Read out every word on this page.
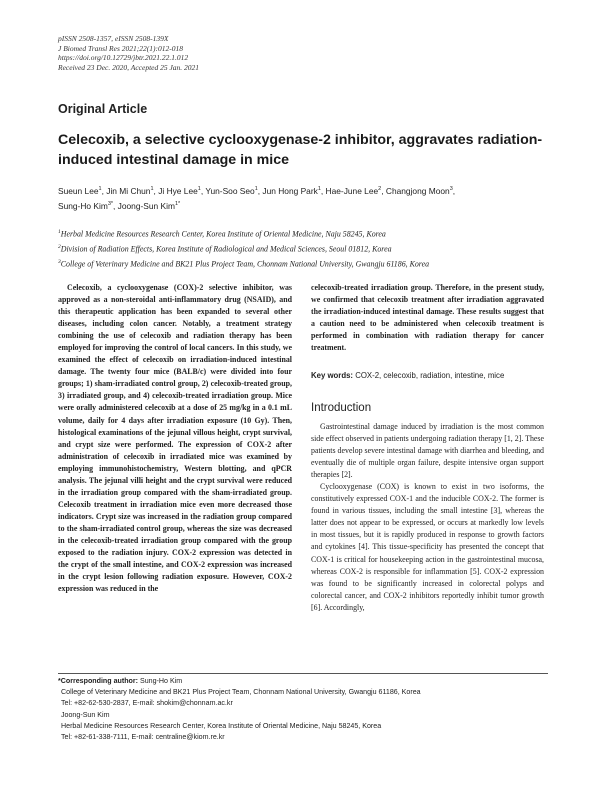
pISSN 2508-1357, eISSN 2508-139X
J Biomed Transl Res 2021;22(1):012-018
https://doi.org/10.12729/jbtr.2021.22.1.012
Received 23 Dec. 2020, Accepted 25 Jan. 2021
Original Article
Celecoxib, a selective cyclooxygenase-2 inhibitor, aggravates radiation-induced intestinal damage in mice
Sueun Lee$^1$, Jin Mi Chun$^1$, Ji Hye Lee$^1$, Yun-Soo Seo$^1$, Jun Hong Park$^1$, Hae-June Lee$^2$, Changjong Moon$^3$,
Sung-Ho Kim$^{3*}$, Joong-Sun Kim$^{1*}$
$^1$Herbal Medicine Resources Research Center, Korea Institute of Oriental Medicine, Naju 58245, Korea
$^2$Division of Radiation Effects, Korea Institute of Radiological and Medical Sciences, Seoul 01812, Korea
$^3$College of Veterinary Medicine and BK21 Plus Project Team, Chonnam National University, Gwangju 61186, Korea

Celecoxib, a cyclooxygenase (COX)-2 selective inhibitor, was approved as a non-steroidal anti-inflammatory drug (NSAID), and this therapeutic application has been expanded to several other diseases, including colon cancer. Notably, a treatment strategy combining the use of celecoxib and radiation therapy has been employed for improving the control of local cancers. In this study, we examined the effect of celecoxib on irradiation-induced intestinal damage. The twenty four mice (BALB/c) were divided into four groups; 1) sham-irradiated control group, 2) celecoxib-treated group, 3) irradiated group, and 4) celecoxib-treated irradiation group. Mice were orally administered celecoxib at a dose of 25 mg/kg in a 0.1 mL volume, daily for 4 days after irradiation exposure (10 Gy). Then, histological examinations of the jejunal villous height, crypt survival, and crypt size were performed. The expression of COX-2 after administration of celecoxib in irradiated mice was examined by employing immunohistochemistry, Western blotting, and qPCR analysis. The jejunal villi height and the crypt survival were reduced in the irradiation group compared with the sham-irradiated group. Celecoxib treatment in irradiation mice even more decreased those indicators. Crypt size was increased in the radiation group compared to the sham-irradiated control group, whereas the size was decreased in the celecoxib-treated irradiation group compared with the group exposed to the radiation injury. COX-2 expression was detected in the crypt of the small intestine, and COX-2 expression was increased in the crypt lesion following radiation exposure. However, COX-2 expression was reduced in the

celecoxib-treated irradiation group. Therefore, in the present study, we confirmed that celecoxib treatment after irradiation aggravated the irradiation-induced intestinal damage. These results suggest that a caution need to be administered when celecoxib treatment is performed in combination with radiation therapy for cancer treatment.
Key words: COX-2, celecoxib, radiation, intestine, mice
Introduction

Gastrointestinal damage induced by irradiation is the most common side effect observed in patients undergoing radiation therapy [1, 2]. These patients develop severe intestinal damage with diarrhea and bleeding, and eventually die of multiple organ failure, despite intensive organ support therapies [2].

Cyclooxygenase (COX) is known to exist in two isoforms, the constitutively expressed COX-1 and the inducible COX-2. The former is found in various tissues, including the small intestine [3], whereas the latter does not appear to be expressed, or occurs at markedly low levels in most tissues, but it is rapidly produced in response to growth factors and cytokines [4]. This tissue-specificity has presented the concept that COX-1 is critical for housekeeping action in the gastrointestinal mucosa, whereas COX-2 is responsible for inflammation [5]. COX-2 expression was found to be significantly increased in colorectal polyps and colorectal cancer, and COX-2 inhibitors reportedly inhibit tumor growth [6]. Accordingly,

*Corresponding author: Sung-Ho Kim
College of Veterinary Medicine and BK21 Plus Project Team, Chonnam National University, Gwangju 61186, Korea
Tel: +82-62-530-2837, E-mail: shokim@chonnam.ac.kr
Joong-Sun Kim
Herbal Medicine Resources Research Center, Korea Institute of Oriental Medicine, Naju 58245, Korea
Tel: +82-61-338-7111, E-mail: centraline@kiom.re.kr
